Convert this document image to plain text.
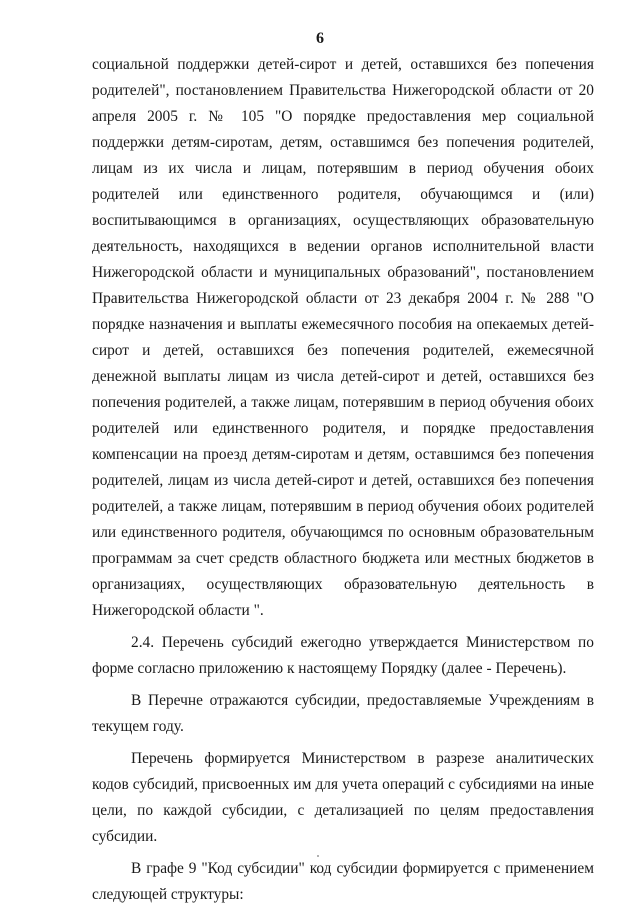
6

социальной поддержки детей-сирот и детей, оставшихся без попечения родителей", постановлением Правительства Нижегородской области от 20 апреля 2005 г. № 105 "О порядке предоставления мер социальной поддержки детям-сиротам, детям, оставшимся без попечения родителей, лицам из их числа и лицам, потерявшим в период обучения обоих родителей или единственного родителя, обучающимся и (или) воспитывающимся в организациях, осуществляющих образовательную деятельность, находящихся в ведении органов исполнительной власти Нижегородской области и муниципальных образований", постановлением Правительства Нижегородской области от 23 декабря 2004 г. № 288 "О порядке назначения и выплаты ежемесячного пособия на опекаемых детей-сирот и детей, оставшихся без попечения родителей, ежемесячной денежной выплаты лицам из числа детей-сирот и детей, оставшихся без попечения родителей, а также лицам, потерявшим в период обучения обоих родителей или единственного родителя, и порядке предоставления компенсации на проезд детям-сиротам и детям, оставшимся без попечения родителей, лицам из числа детей-сирот и детей, оставшихся без попечения родителей, а также лицам, потерявшим в период обучения обоих родителей или единственного родителя, обучающимся по основным образовательным программам за счет средств областного бюджета или местных бюджетов в организациях, осуществляющих образовательную деятельность в Нижегородской области ".

2.4. Перечень субсидий ежегодно утверждается Министерством по форме согласно приложению к настоящему Порядку (далее - Перечень).

В Перечне отражаются субсидии, предоставляемые Учреждениям в текущем году.

Перечень формируется Министерством в разрезе аналитических кодов субсидий, присвоенных им для учета операций с субсидиями на иные цели, по каждой субсидии, с детализацией по целям предоставления субсидии.

В графе 9 "Код субсидии" код субсидии формируется с применением следующей структуры:
